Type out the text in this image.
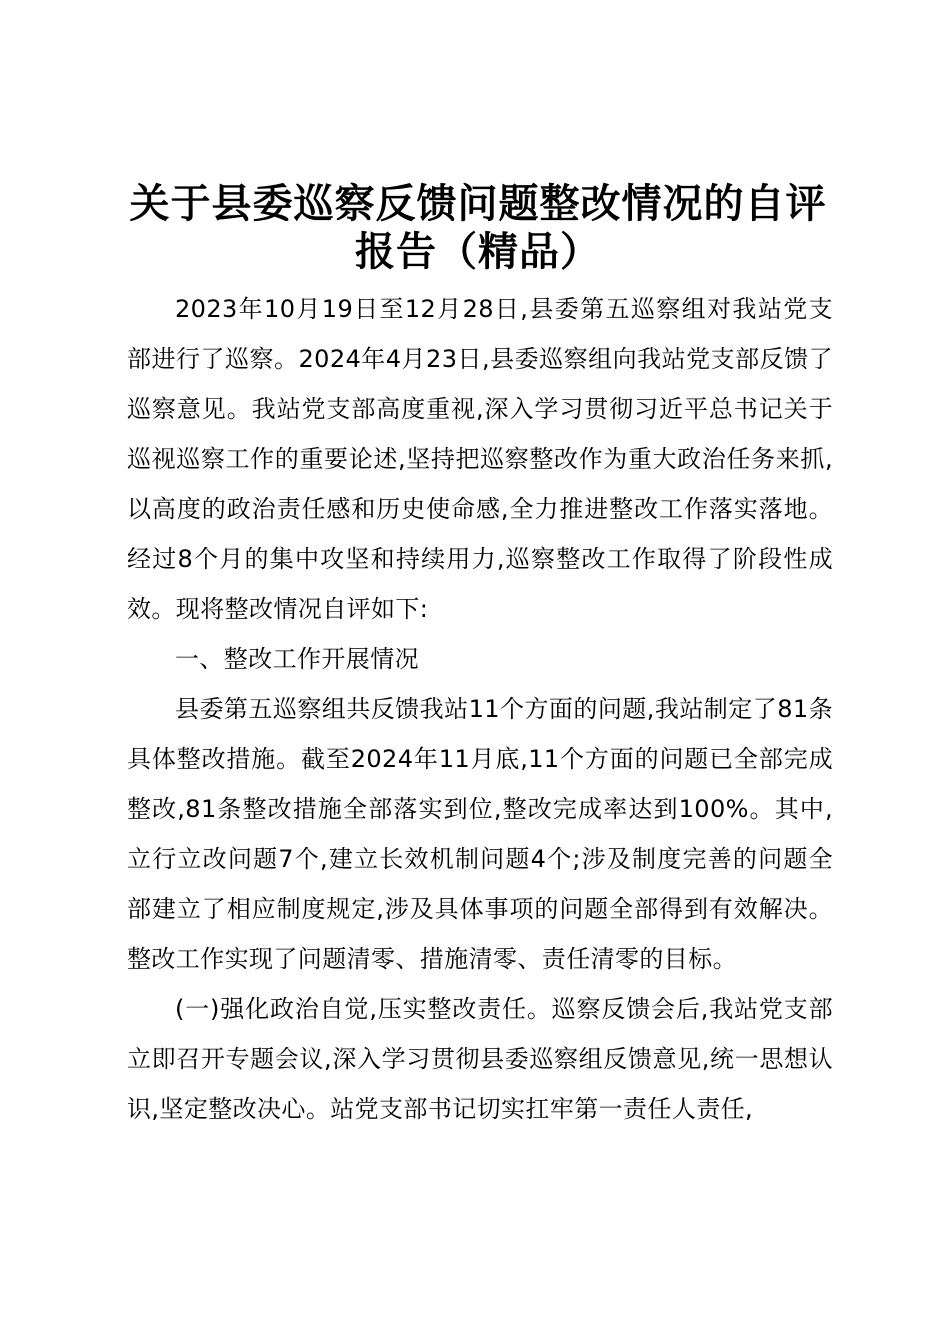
关于县委巡察反馈问题整改情况的自评报告（精品）

2023年10月19日至12月28日,县委第五巡察组对我站党支部进行了巡察。2024年4月23日,县委巡察组向我站党支部反馈了巡察意见。我站党支部高度重视,深入学习贯彻习近平总书记关于巡视巡察工作的重要论述,坚持把巡察整改作为重大政治任务来抓,以高度的政治责任感和历史使命感,全力推进整改工作落实落地。经过8个月的集中攻坚和持续用力,巡察整改工作取得了阶段性成效。现将整改情况自评如下:

一、整改工作开展情况

县委第五巡察组共反馈我站11个方面的问题,我站制定了81条具体整改措施。截至2024年11月底,11个方面的问题已全部完成整改,81条整改措施全部落实到位,整改完成率达到100%。其中,立行立改问题7个,建立长效机制问题4个;涉及制度完善的问题全部建立了相应制度规定,涉及具体事项的问题全部得到有效解决。整改工作实现了问题清零、措施清零、责任清零的目标。

(一)强化政治自觉,压实整改责任。巡察反馈会后,我站党支部立即召开专题会议,深入学习贯彻县委巡察组反馈意见,统一思想认识,坚定整改决心。站党支部书记切实扛牢第一责任人责任,
